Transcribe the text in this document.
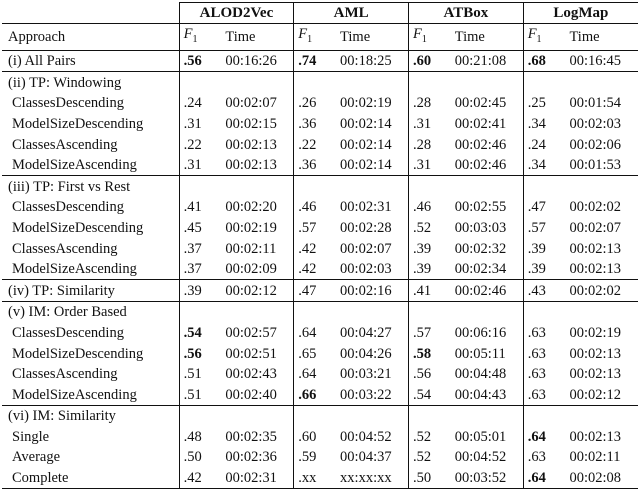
	ALOD2Vec		AML		ATBox		LogMap	
Approach	$F_1$	Time	$F_1$	Time	$F_1$	Time	$F_1$	Time
(i) All Pairs	.56	00:16:26	.74	00:18:25	.60	00:21:08	.68	00:16:45
(ii) TP: Windowing								
ClassesDescending	.24	00:02:07	.26	00:02:19	.28	00:02:45	.25	00:01:54
ModelSizeDescending	.31	00:02:15	.36	00:02:14	.31	00:02:41	.34	00:02:03
ClassesAscending	.22	00:02:13	.22	00:02:14	.28	00:02:46	.24	00:02:06
ModelSizeAscending	.31	00:02:13	.36	00:02:14	.31	00:02:46	.34	00:01:53
(iii) TP: First vs Rest								
ClassesDescending	.41	00:02:20	.46	00:02:31	.46	00:02:55	.47	00:02:02
ModelSizeDescending	.45	00:02:19	.57	00:02:28	.52	00:03:03	.57	00:02:07
ClassesAscending	.37	00:02:11	.42	00:02:07	.39	00:02:32	.39	00:02:13
ModelSizeAscending	.37	00:02:09	.42	00:02:03	.39	00:02:34	.39	00:02:13
(iv) TP: Similarity	.39	00:02:12	.47	00:02:16	.41	00:02:46	.43	00:02:02
(v) IM: Order Based								
ClassesDescending	.54	00:02:57	.64	00:04:27	.57	00:06:16	.63	00:02:19
ModelSizeDescending	.56	00:02:51	.65	00:04:26	.58	00:05:11	.63	00:02:13
ClassesAscending	.51	00:02:43	.64	00:03:21	.56	00:04:48	.63	00:02:13
ModelSizeAscending	.51	00:02:40	.66	00:03:22	.54	00:04:43	.63	00:02:12
(vi) IM: Similarity								
Single	.48	00:02:35	.60	00:04:52	.52	00:05:01	.64	00:02:13
Average	.50	00:02:36	.59	00:04:37	.52	00:04:52	.63	00:02:11
Complete	.42	00:02:31	.xx	xx:xx:xx	.50	00:03:52	.64	00:02:08
